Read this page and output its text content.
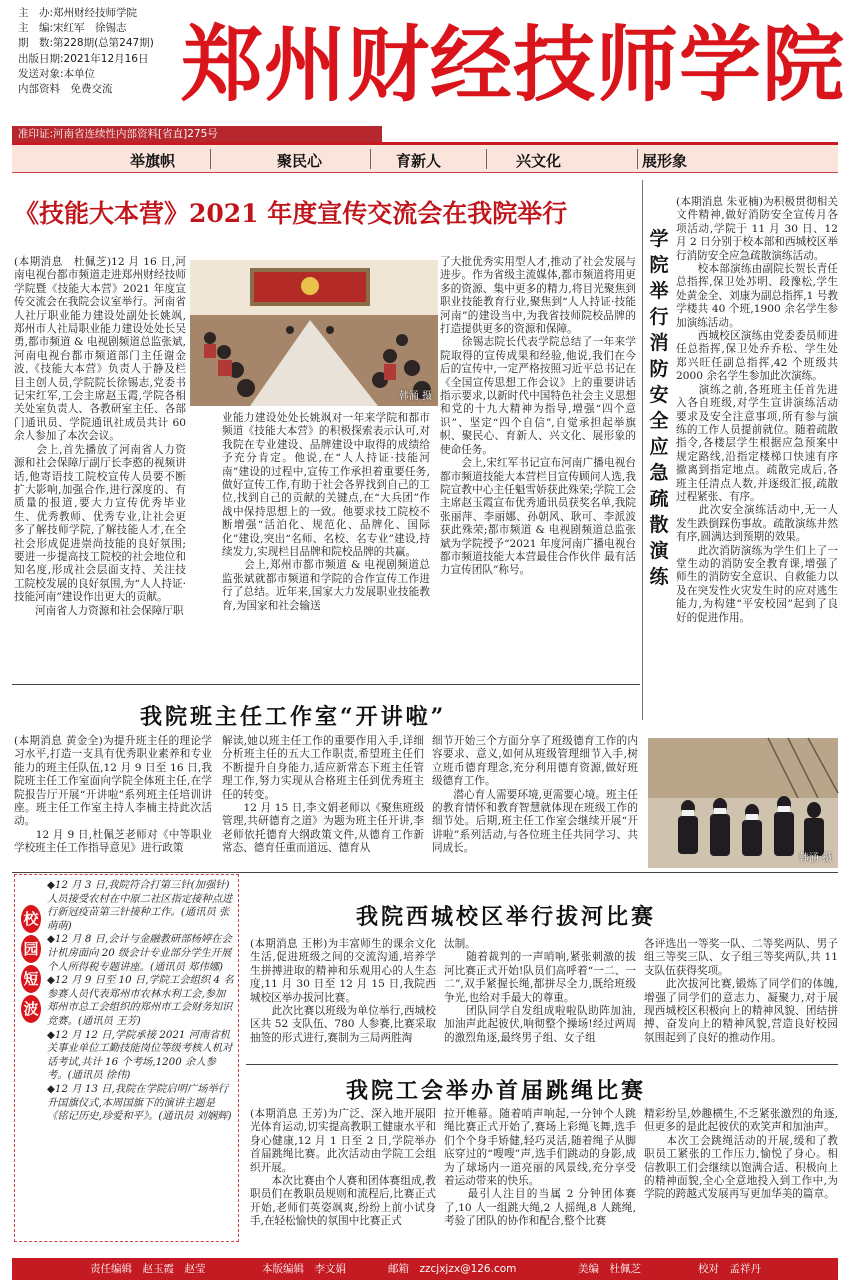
主　办:郑州财经技师学院
主　编:宋红军　徐锡志
期　数:第228期(总第247期)
出版日期:2021年12月16日
发送对象:本单位
内部资料　免费交流 郑州财经技师学院
准印证:河南省连续性内部资料[省直]275号
举旗帜	聚民心	育新人	兴文化	展形象
《技能大本营》2021 年度宣传交流会在我院举行
韩涌 摄
(本期消息　杜佩芝)12 月 16 日,河南电视台都市频道走进郑州财经技师学院暨《技能大本营》2021 年度宣传交流会在我院会议室举行。河南省人社厅职业能力建设处副处长姚飒,郑州市人社局职业能力建设处处长吴勇,都市频道 & 电视剧频道总监张斌,河南电视台都市频道部门主任谢金波,《技能大本营》负责人于静及栏目主创人员,学院院长徐锡志,党委书记宋红军,工会主席赵玉霞,学院各相关处室负责人、各教研室主任、各部门通讯员、学院通讯社成员共计 60 余人参加了本次会议。
　　会上,首先播放了河南省人力资源和社会保障厅副厅长李憨的视频讲话,他寄语技工院校宣传人员要不断扩大影响,加强合作,进行深度的、有质量的报道,要大力宣传优秀毕业生、优秀教师、优秀专业,让社会更多了解技师学院,了解技能人才,在全社会形成促进崇尚技能的良好氛围;要进一步提高技工院校的社会地位和知名度,形成社会层面支持、关注技工院校发展的良好氛围,为“人人持证·技能河南”建设作出更大的贡献。
　　河南省人力资源和社会保障厅职
业能力建设处处长姚飒对一年来学院和都市频道《技能大本营》的积极探索表示认可,对我院在专业建设、品牌建设中取得的成绩给予充分肯定。他说,在“人人持证·技能河南”建设的过程中,宣传工作承担着重要任务,做好宣传工作,有助于社会各界找到自己的工位,找到自己的贡献的关键点,在“大兵团”作战中保持思想上的一致。他要求技工院校不断增强“活泊化、规范化、品牌化、国际化”建设,突出“名师、名校、名专业”建设,持续发力,实现栏目品牌和院校品牌的共赢。
　　会上,郑州市都市频道 & 电视剧频道总监张斌就都市频道和学院的合作宣传工作进行了总结。近年来,国家大力发展职业技能教育,为国家和社会输送
了大批优秀实用型人才,推动了社会发展与进步。作为省级主流媒体,都市频道将用更多的资源、集中更多的精力,将目光聚焦到职业技能教育行业,聚焦到“人人持证·技能河南”的建设当中,为我省技师院校品牌的打造提供更多的资源和保障。
　　徐锡志院长代表学院总结了一年来学院取得的宣传成果和经验,他说,我们在今后的宣传中,一定严格按照习近平总书记在《全国宣传思想工作会议》上的重要讲话指示要求,以新时代中国特色社会主义思想和党的十九大精神为指导,增强“四个意识”、坚定“四个自信”,自觉承担起举旗帜、聚民心、育新人、兴文化、展形象的使命任务。
　　会上,宋红军书记宣布河南广播电视台都市频道技能大本营栏目宣传顾问人选,我院宣教中心主任魁雪娇获此殊荣;学院工会主席赵玉霞宣布优秀通讯员获奖名单,我院张丽萍、李丽娜、孙朝风、耿可、李派波获此殊荣;都市频道 & 电视剧频道总监张斌为学院授予“2021 年度河南广播电视台都市频道技能大本营最佳合作伙伴 最有活力宣传团队”称号。
学
院
举
行
消
防
安
全
应
急
疏
散
演
练
(本期消息 朱亚楠)为积极贯彻相关文件精神,做好消防安全宣传月各项活动,学院于 11 月 30 日、12 月 2 日分别于校本部和西城校区举行消防安全应急疏散演练活动。
　　校本部演练由副院长贺长青任总指挥,保卫处苏明、段豫松,学生处黄金全、刘康为副总指挥,1 号教学楼共 40 个班,1900 余名学生参加演练活动。
　　西城校区演练由党委委员师进任总指挥,保卫处乔乔松、学生处郑兴旺任副总指挥,42 个班级共 2000 余名学生参加此次演练。
　　演练之前,各班班主任首先进入各自班级,对学生宣讲演练活动要求及安全注意事项,所有参与演练的工作人员提前就位。随着疏散指令,各楼层学生根据应急预案中规定路线,沿指定楼梯口快速有序撤离到指定地点。疏散完成后,各班主任清点人数,并逐级汇报,疏散过程紧张、有序。
　　此次安全演练活动中,无一人发生跌倒踩伤事故。疏散演练井然有序,圆满达到预期的效果。
　　此次消防演练为学生们上了一堂生动的消防安全教育课,增强了师生的消防安全意识、自救能力以及在突发性火灾发生时的应对逃生能力,为构建“平安校园”起到了良好的促进作用。
韩涌 摄
我院班主任工作室“开讲啦”
(本期消息 黄金全)为提升班主任的理论学习水平,打造一支具有优秀职业素养和专业能力的班主任队伍,12 月 9 日至 16 日,我院班主任工作室面向学院全体班主任,在学院报告厅开展“开讲啦”系列班主任培训讲座。班主任工作室主持人李楠主持此次活动。
　　12 月 9 日,杜佩芝老师对《中等职业学校班主任工作指导意见》进行政策
解读,她以班主任工作的重要作用入手,详细分析班主任的五大工作职责,希望班主任们不断提升自身能力,适应新常态下班主任管理工作,努力实现从合格班主任到优秀班主任的转变。
　　12 月 15 日,李文娟老师以《聚焦班级管理,共研德育之道》为题为班主任开讲,李老师依托德育大纲政策文件,从德育工作新常态、德育任重而道远、德育从
细节开始三个方面分享了班级德育工作的内容要求、意义,如何从班级管理细节入手,树立班币德育理念,充分利用德育资源,做好班级德育工作。
　　潜心育人需要环境,更需要心境。班主任的教育情怀和教育智慧就体现在班级工作的细节处。后期,班主任工作室会继续开展“开讲啦”系列活动,与各位班主任共同学习、共同成长。
校
园
短
波

◆12 月 3 日,我院符合打第三针(加强针)人员接受农村在中原二社区指定接种点进行新冠疫苗第三针接种工作。(通讯员 张萌萌)

◆12 月 8 日,会计与金融教研部杨婷在会计机房面向 20 级会计专业部分学生开展个人所得税专题讲座。(通讯员 郑伟娜)

◆12 月 9 日至 10 日,学院工会组织 4 名参赛人员代表郑州市农林水利工会,参加郑州市总工会组织的郑州市工会财务知识竞赛。(通讯员 王芳)

◆12 月 12 日,学院承接 2021 河南省机关事业单位工勤技能岗位等级考核人机对话考试,共计 16 个考场,1200 余人参考。(通讯员 徐伟)

◆12 月 13 日,我院在学院启明广场举行升国旗仪式,本周国旗下的演讲主题是《铭记历史,珍爱和平》。(通讯员 刘娴辉)

我院西城校区举行拔河比赛
(本期消息 王彬)为丰富师生的课余文化生活,促进班级之间的交流沟通,培养学生拼搏进取的精神和乐观用心的人生态度,11 月 30 日至 12 月 15 日,我院西城校区举办拔河比赛。
　　此次比赛以班级为单位举行,西城校区共 52 支队伍、780 人参赛,比赛采取抽签的形式进行,赛制为三局两胜淘
汰制。
　　随着裁判的一声哨响,紧张刺激的拔河比赛正式开始!队员们高呼着“一二、一二”,双手紧握长绳,都拼尽全力,既给班级争光,也给对手最大的尊重。
　　团队同学自发组成啦啦队助阵加油,加油声此起彼伏,响彻整个操场!经过两周的激烈角逐,最终男子组、女子组
各评选出一等奖一队、二等奖两队、男子组三等奖三队、女子组三等奖两队,共 11 支队伍获得奖项。
　　此次拔河比赛,锻炼了同学们的体魄,增强了同学们的意志力、凝聚力,对于展现西城校区积极向上的精神风貌、团结拼搏、奋发向上的精神风貌,营造良好校园氛围起到了良好的推动作用。
我院工会举办首届跳绳比赛
(本期消息 王芳)为广泛、深入地开展阳光体育运动,切实提高教职工健康水平和身心健康,12 月 1 日至 2 日,学院举办首届跳绳比赛。此次活动由学院工会组织开展。
　　本次比赛由个人赛和团体赛组成,教职员们在教职员规则和流程后,比赛正式开始,老师们英姿飒爽,纷纷上前小试身手,在轻松愉快的氛围中比赛正式
拉开帷幕。随着哨声响起,一分钟个人跳绳比赛正式开始了,赛场上彩绳飞舞,选手们个个身手矫健,轻巧灵活,随着绳子从脚底穿过的“嗖嗖”声,选手们跳动的身影,成为了球场内一道亮丽的风景线,充分享受着运动带来的快乐。
　　最引人注目的当属 2 分钟团体赛了,10 人一组跳大绳,2 人摇绳,8 人跳绳,考验了团队的协作和配合,整个比赛
精彩纷呈,妙趣横生,不乏紧张激烈的角逐,但更多的是此起彼伏的欢笑声和加油声。
　　本次工会跳绳活动的开展,缓和了教职员工紧张的工作压力,愉悦了身心。相信教职工们会继续以饱满合适、积极向上的精神面貌,全心全意地投入到工作中,为学院的跨越式发展再写更加华美的篇章。
责任编辑　赵玉霞　赵莹	本版编辑　李文娟	邮箱　zzcjxjzx@126.com	美编　杜佩芝	校对　孟祥丹
